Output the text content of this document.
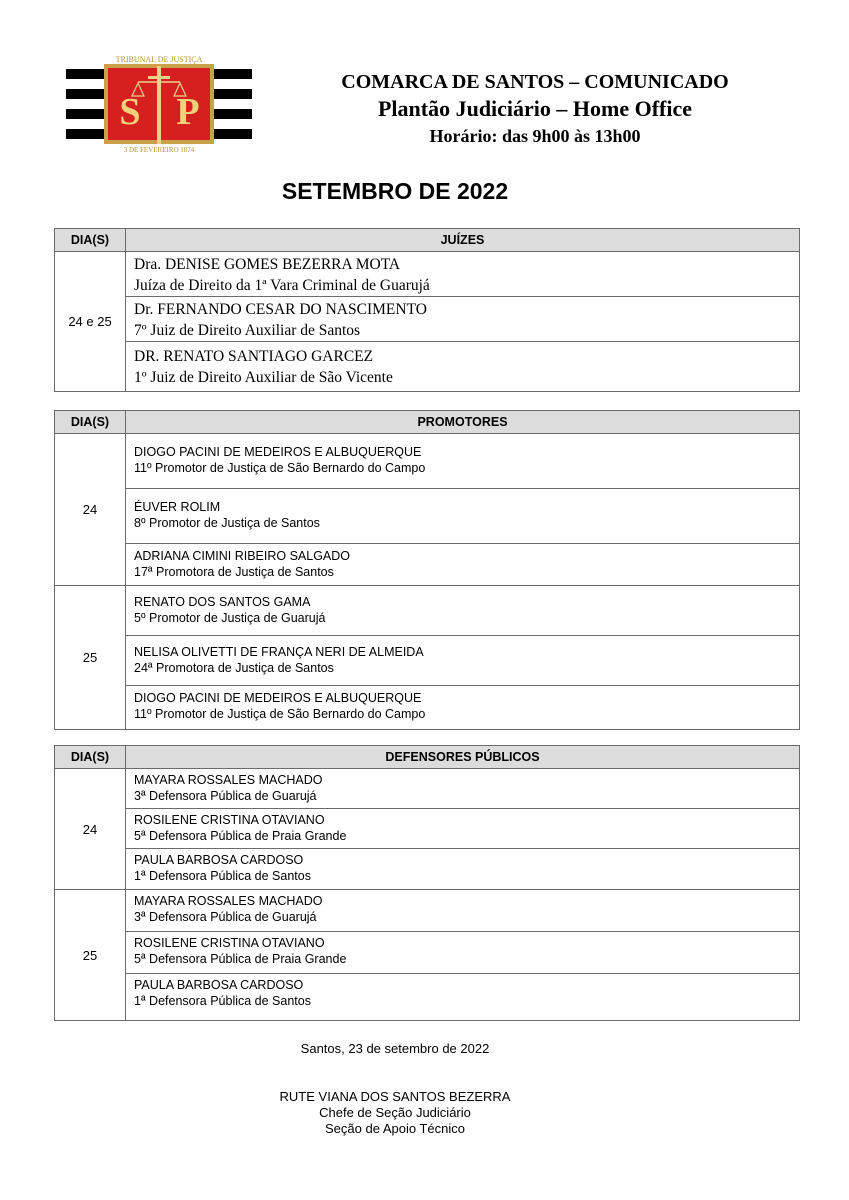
S P
TRIBUNAL DE JUSTIÇA
3 DE FEVEREIRO 1874
COMARCA DE SANTOS – COMUNICADO
Plantão Judiciário – Home Office
Horário: das 9h00 às 13h00
SETEMBRO DE 2022
DIA(S)	JUÍZES
24 e 25	Dra. DENISE GOMES BEZERRA MOTA
Juíza de Direito da 1ª Vara Criminal de Guarujá

	Dr. FERNANDO CESAR DO NASCIMENTO
7º Juiz de Direito Auxiliar de Santos

	DR. RENATO SANTIAGO GARCEZ
1º Juiz de Direito Auxiliar de São Vicente
DIA(S)	PROMOTORES
24	DIOGO PACINI DE MEDEIROS E ALBUQUERQUE
11º Promotor de Justiça de São Bernardo do Campo

	ÉUVER ROLIM
8º Promotor de Justiça de Santos

	ADRIANA CIMINI RIBEIRO SALGADO
17ª Promotora de Justiça de Santos

25	RENATO DOS SANTOS GAMA
5º Promotor de Justiça de Guarujá

	NELISA OLIVETTI DE FRANÇA NERI DE ALMEIDA
24ª Promotora de Justiça de Santos

	DIOGO PACINI DE MEDEIROS E ALBUQUERQUE
11º Promotor de Justiça de São Bernardo do Campo
DIA(S)	DEFENSORES PÚBLICOS
24	MAYARA ROSSALES MACHADO
3ª Defensora Pública de Guarujá

	ROSILENE CRISTINA OTAVIANO
5ª Defensora Pública de Praia Grande

	PAULA BARBOSA CARDOSO
1ª Defensora Pública de Santos

25	MAYARA ROSSALES MACHADO
3ª Defensora Pública de Guarujá

	ROSILENE CRISTINA OTAVIANO
5ª Defensora Pública de Praia Grande

	PAULA BARBOSA CARDOSO
1ª Defensora Pública de Santos
Santos, 23 de setembro de 2022
RUTE VIANA DOS SANTOS BEZERRA
Chefe de Seção Judiciário
Seção de Apoio Técnico
